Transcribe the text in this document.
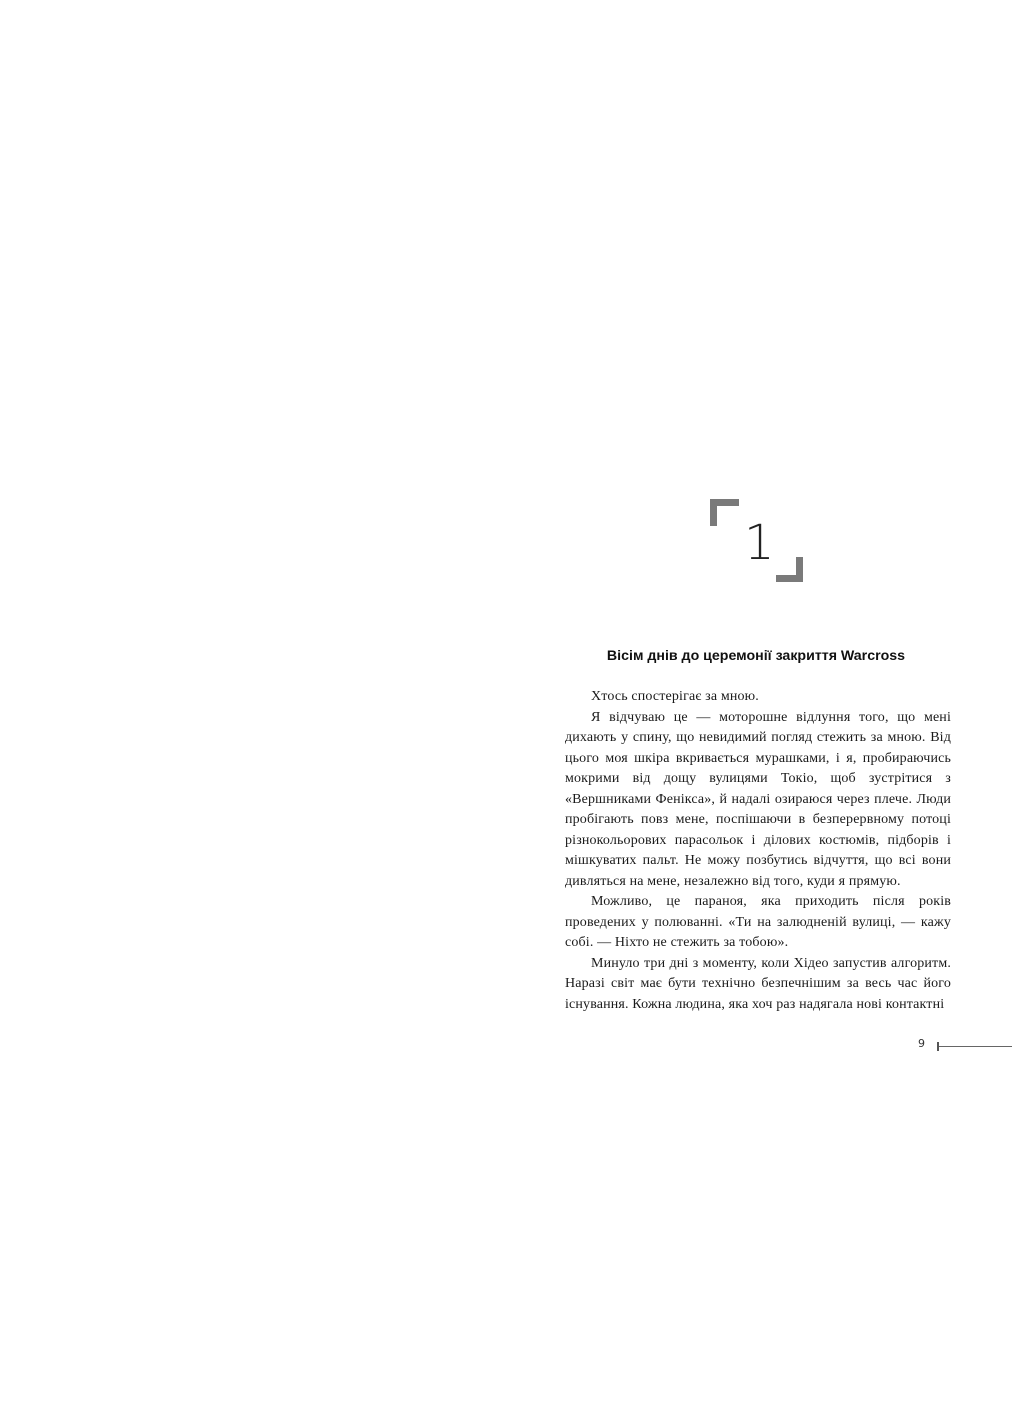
1
Вісім днів до церемонії закриття Warcross

Хтось спостерігає за мною.

Я відчуваю це — моторошне відлуння того, що мені дихають у спину, що невидимий погляд стежить за мною. Від цього моя шкіра вкривається мурашками, і я, пробираючись мокрими від дощу вулицями Токіо, щоб зустрітися з «Вершниками Фенікса», й надалі озираюся через плече. Люди пробігають повз мене, поспішаючи в безперервному потоці різнокольорових парасольок і ділових костюмів, підборів і мішкуватих пальт. Не можу позбутись відчуття, що всі вони дивляться на мене, незалежно від того, куди я прямую.

Можливо, це параноя, яка приходить після років проведених у полюванні. «Ти на залюдненій вулиці, — кажу собі. — Ніхто не стежить за тобою».

Минуло три дні з моменту, коли Хідео запустив алгоритм. Наразі світ має бути технічно безпечнішим за весь час його існування. Кожна людина, яка хоч раз надягала нові контактні

9
